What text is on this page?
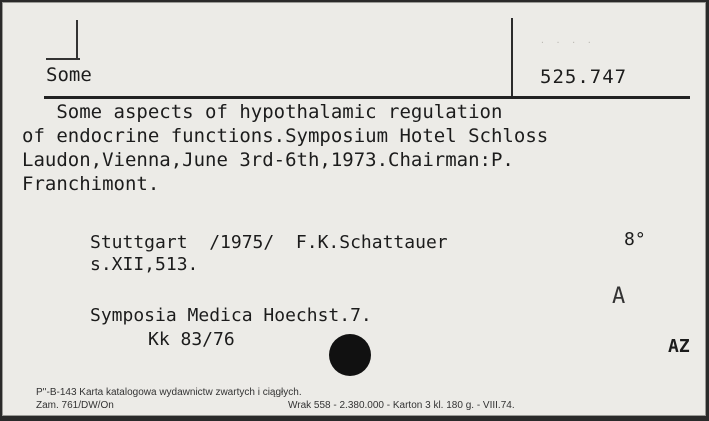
· · · ·
Some	525.747
Some aspects of hypothalamic regulation
of endocrine functions.Symposium Hotel Schloss
Laudon,Vienna,June 3rd-6th,1973.Chairman:P.
Franchimont.
Stuttgart  /1975/  F.K.Schattauer	8°
s.XII,513.
Symposia Medica Hoechst.7.
A
Kk 83/76	AZ
P''-B-143 Karta katalogowa wydawnictw zwartych i ciągłych.
Zam. 761/DW/On	Wrak 558 - 2.380.000 - Karton 3 kl. 180 g. - VIII.74.
